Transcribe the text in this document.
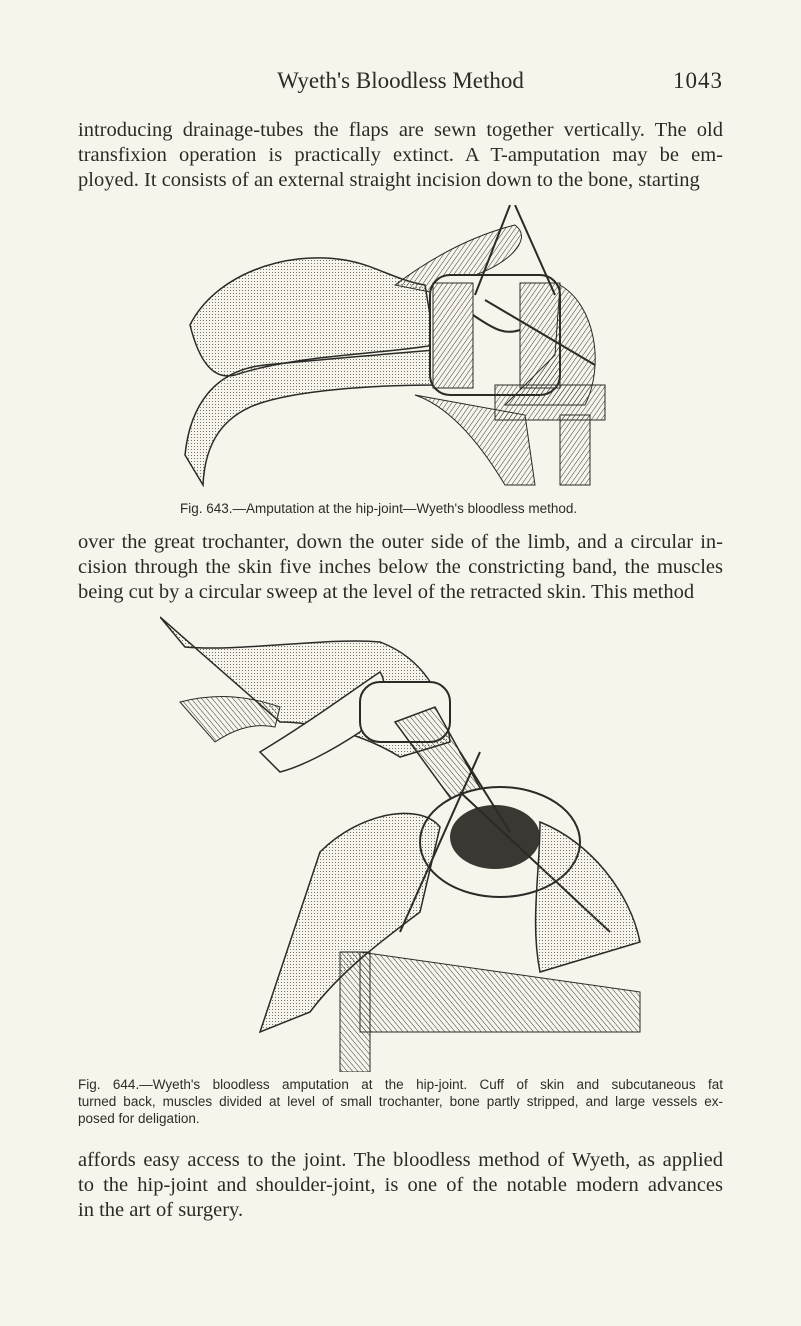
Wyeth's Bloodless Method	1043

introducing drainage-tubes the flaps are sewn together vertically. The old
transfixion operation is practically extinct. A T-amputation may be em-
ployed. It consists of an external straight incision down to the bone, starting

Fig. 643.—Amputation at the hip-joint—Wyeth's bloodless method.

over the great trochanter, down the outer side of the limb, and a circular in-
cision through the skin five inches below the constricting band, the muscles
being cut by a circular sweep at the level of the retracted skin. This method

Fig. 644.—Wyeth's bloodless amputation at the hip-joint. Cuff of skin and subcutaneous fat
turned back, muscles divided at level of small trochanter, bone partly stripped, and large vessels ex-
posed for deligation.

affords easy access to the joint. The bloodless method of Wyeth, as applied
to the hip-joint and shoulder-joint, is one of the notable modern advances
in the art of surgery.
